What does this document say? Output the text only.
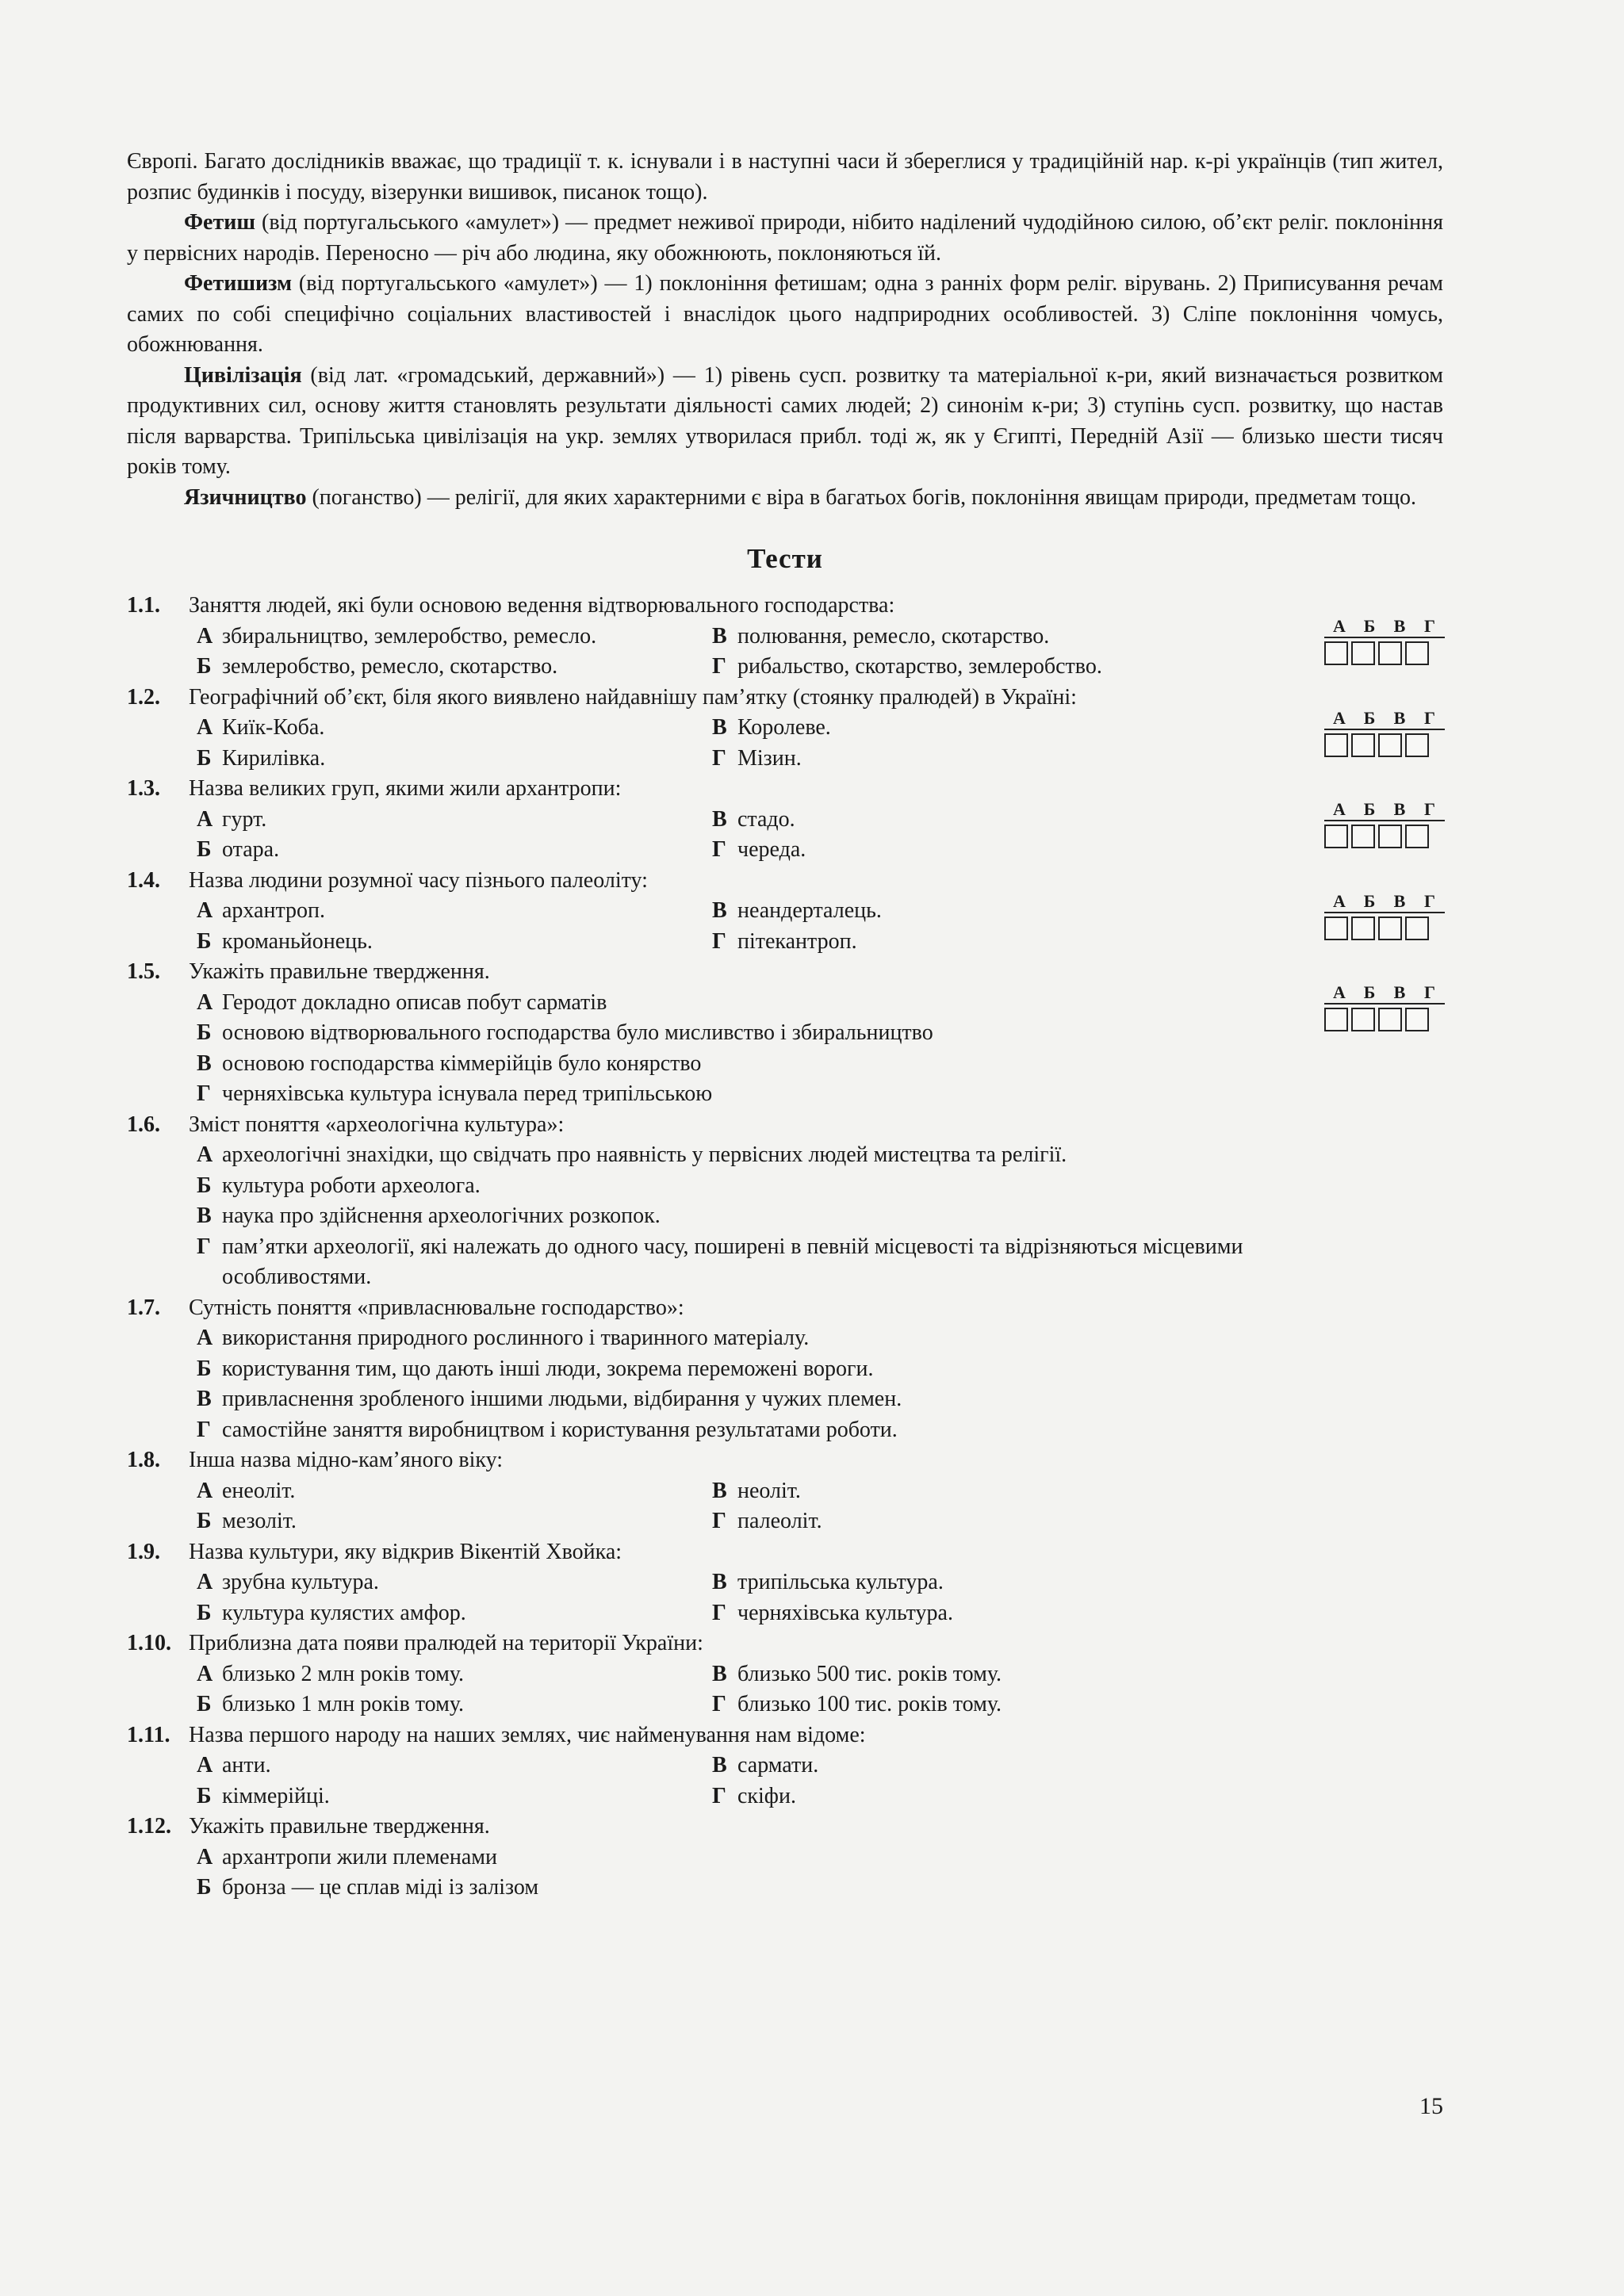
Європі. Багато дослідників вважає, що традиції т. к. існували і в наступні часи й збереглися у традиційній нар. к-рі українців (тип жител, розпис будинків і посуду, візерунки вишивок, писанок тощо).

Фетиш (від португальського «амулет») — предмет неживої природи, нібито наділений чудодійною силою, об’єкт реліг. поклоніння у первісних народів. Переносно — річ або людина, яку обожнюють, поклоняються їй.

Фетишизм (від португальського «амулет») — 1) поклоніння фетишам; одна з ранніх форм реліг. вірувань. 2) Приписування речам самих по собі специфічно соціальних властивостей і внаслідок цього надприродних особливостей. 3) Сліпе поклоніння чомусь, обожнювання.

Цивілізація (від лат. «громадський, державний») — 1) рівень сусп. розвитку та матеріальної к-ри, який визначається розвитком продуктивних сил, основу життя становлять результати діяльності самих людей; 2) синонім к-ри; 3) ступінь сусп. розвитку, що настав після варварства. Трипільська цивілізація на укр. землях утворилася прибл. тоді ж, як у Єгипті, Передній Азії — близько шести тисяч років тому.

Язичництво (поганство) — релігії, для яких характерними є віра в багатьох богів, поклоніння явищам природи, предметам тощо.

Тести
1.1.	Заняття людей, які були основою ведення відтворювального господарства:
А збиральництво, землеробство, ремесло.	В полювання, ремесло, скотарство.
Б землеробство, ремесло, скотарство.	Г рибальство, скотарство, землеробство.
А	Б	В	Г
1.2.	Географічний об’єкт, біля якого виявлено найдавнішу пам’ятку (стоянку пралюдей) в Україні:
А Киїк-Коба.	В Королеве.
Б Кирилівка.	Г Мізин.
А	Б	В	Г
1.3.	Назва великих груп, якими жили архантропи:
А гурт.	В стадо.
Б отара.	Г череда.
А	Б	В	Г
1.4.	Назва людини розумної часу пізнього палеоліту:
А архантроп.	В неандерталець.
Б кроманьйонець.	Г пітекантроп.
А	Б	В	Г
1.5.	Укажіть правильне твердження.
А Геродот докладно описав побут сарматів
Б основою відтворювального господарства було мисливство і збиральництво
В основою господарства кіммерійців було конярство
Г черняхівська культура існувала перед трипільською
А	Б	В	Г
1.6.	Зміст поняття «археологічна культура»:
А археологічні знахідки, що свідчать про наявність у первісних людей мистецтва та релігії.
Б культура роботи археолога.
В наука про здійснення археологічних розкопок.
Г пам’ятки археології, які належать до одного часу, поширені в певній місцевості та відрізняються місцевими особливостями.
1.7.	Сутність поняття «привласнювальне господарство»:
А використання природного рослинного і тваринного матеріалу.
Б користування тим, що дають інші люди, зокрема переможені вороги.
В привласнення зробленого іншими людьми, відбирання у чужих племен.
Г самостійне заняття виробництвом і користування результатами роботи.
1.8.	Інша назва мідно-кам’яного віку:
А енеоліт.	В неоліт.
Б мезоліт.	Г палеоліт.
1.9.	Назва культури, яку відкрив Вікентій Хвойка:
А зрубна культура.	В трипільська культура.
Б культура кулястих амфор.	Г черняхівська культура.
1.10. Приблизна дата появи пралюдей на території України:
А близько 2 млн років тому.	В близько 500 тис. років тому.
Б близько 1 млн років тому.	Г близько 100 тис. років тому.
1.11. Назва першого народу на наших землях, чиє найменування нам відоме:
А анти.	В сармати.
Б кіммерійці.	Г скіфи.
1.12. Укажіть правильне твердження.
А архантропи жили племенами
Б бронза — це сплав міді із залізом
15
